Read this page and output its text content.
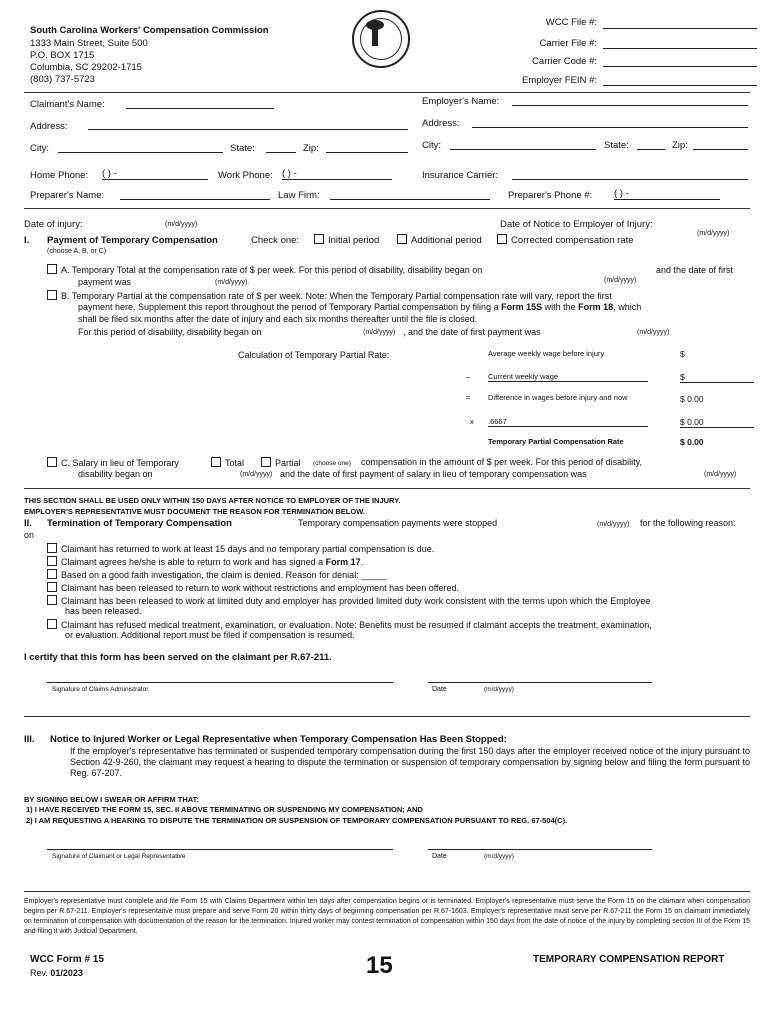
South Carolina Workers' Compensation Commission
1333 Main Street, Suite 500
P.O. BOX 1715
Columbia, SC 29202-1715
(803) 737-5723
WCC File #:
Carrier File #:
Carrier Code #:
Employer FEIN #:
Claimant's Name:	Employer's Name:
Address:	Address:
City:	State:	Zip:	City:	State:	Zip:
Home Phone: ( ) -	Work Phone: ( ) -	Insurance Carrier:
Preparer's Name:	Law Firm:	Preparer's Phone #: ( ) -
Date of injury:	(m/d/yyyy)	Date of Notice to Employer of Injury:
(m/d/yyyy)
I. Payment of Temporary Compensation	Check one:	Initial period	Additional period	Corrected compensation rate
(choose A, B, or C)
A. Temporary Total at the compensation rate of $ per week. For this period of disability, disability began on	and the date of first
payment was	(m/d/yyyy).	(m/d/yyyy)
B. Temporary Partial at the compensation rate of $ per week. Note: When the Temporary Partial compensation rate will vary, report the first
payment here. Supplement this report throughout the period of Temporary Partial compensation by filing a Form 15S with the Form 18, which
shall be filed six months after the date of injury and each six months thereafter until the file is closed.
For this period of disability, disability began on	(m/d/yyyy) , and the date of first payment was	(m/d/yyyy)
Calculation of Temporary Partial Rate:	Average weekly wage before injury	$
– Current weekly wage	$
= Difference in wages before injury and now	$ 0.00
x .6667	$ 0.00
Temporary Partial Compensation Rate	$ 0.00
C. Salary in lieu of Temporary	Total	Partial (choose one) compensation in the amount of $ per week. For this period of disability,
disability began on	(m/d/yyyy) and the date of first payment of salary in lieu of temporary compensation was	(m/d/yyyy)
THIS SECTION SHALL BE USED ONLY WITHIN 150 DAYS AFTER NOTICE TO EMPLOYER OF THE INJURY.
EMPLOYER'S REPRESENTATIVE MUST DOCUMENT THE REASON FOR TERMINATION BELOW.
II. Termination of Temporary Compensation	Temporary compensation payments were stopped	(m/d/yyyy) for the following reason:
on
Claimant has returned to work at least 15 days and no temporary partial compensation is due.
Claimant agrees he/she is able to return to work and has signed a Form 17.
Based on a good faith investigation, the claim is denied. Reason for denial: _____
Claimant has been released to return to work without restrictions and employment has been offered.
Claimant has been released to work at limited duty and employer has provided limited duty work consistent with the terms upon which the Employee
has been released.
Claimant has refused medical treatment, examination, or evaluation. Note: Benefits must be resumed if claimant accepts the treatment, examination,
or evaluation. Additional report must be filed if compensation is resumed.
I certify that this form has been served on the claimant per R.67-211.
Signature of Claims Administrator	Date	(m/d/yyyy)
III. Notice to Injured Worker or Legal Representative when Temporary Compensation Has Been Stopped:
If the employer's representative has terminated or suspended temporary compensation during the first 150 days after the employer received notice of the injury pursuant to Section 42-9-260, the claimant may request a hearing to dispute the termination or suspension of temporary compensation by signing below and filing the form pursuant to Reg. 67-207.
BY SIGNING BELOW I SWEAR OR AFFIRM THAT:
1) I HAVE RECEIVED THE FORM 15, SEC. II ABOVE TERMINATING OR SUSPENDING MY COMPENSATION; AND
2) I AM REQUESTING A HEARING TO DISPUTE THE TERMINATION OR SUSPENSION OF TEMPORARY COMPENSATION PURSUANT TO REG. 67-504(C).
Signature of Claimant or Legal Representative	Date	(m/d/yyyy)
Employer's representative must complete and file Form 15 with Claims Department within ten days after compensation begins or is terminated. Employer's representative must serve the Form 15 on the claimant when compensation begins per R.67-211. Employer's representative must prepare and serve Form 20 within thirty days of beginning compensation per R.67-1603. Employer's representative must serve per R.67-211 the Form 15 on claimant immediately on termination of compensation with documentation of the reason for the termination. Injured worker may contest termination of compensation within 150 days from the date of notice of the injury by completing section III of the Form 15 and filing it with Judicial Department.
WCC Form # 15
Rev. 01/2023	15	TEMPORARY COMPENSATION REPORT
